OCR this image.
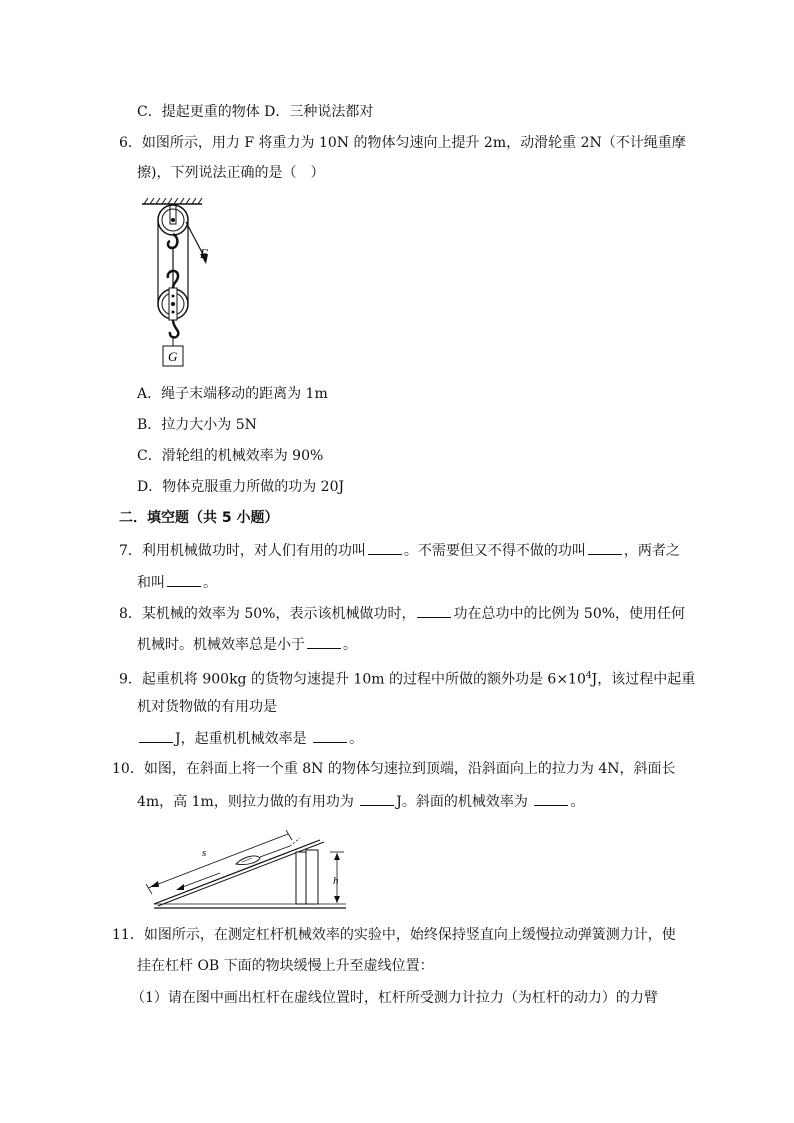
C．提起更重的物体 D．三种说法都对
6．如图所示，用力 F 将重力为 10N 的物体匀速向上提升 2m，动滑轮重 2N（不计绳重摩
擦)，下列说法正确的是（　）
F
G
A．绳子末端移动的距离为 1m
B．拉力大小为 5N
C．滑轮组的机械效率为 90%
D．物体克服重力所做的功为 20J
二．填空题（共 5 小题）
7．利用机械做功时，对人们有用的功叫	。不需要但又不得不做的功叫	，两者之
和叫	。
8．某机械的效率为 50%，表示该机械做功时，	功在总功中的比例为 50%，使用任何
机械时。机械效率总是小于	。
9．起重机将 900kg 的货物匀速提升 10m 的过程中所做的额外功是 $6\times 10^4J$，该过程中起重
机对货物做的有用功是
J，起重机机械效率是	。
10．如图，在斜面上将一个重 8N 的物体匀速拉到顶端，沿斜面向上的拉力为 4N，斜面长
4m，高 1m，则拉力做的有用功为	J。斜面的机械效率为	。
h
s
11．如图所示，在测定杠杆机械效率的实验中，始终保持竖直向上缓慢拉动弹簧测力计，使
挂在杠杆 OB 下面的物块缓慢上升至虚线位置：
（1）请在图中画出杠杆在虚线位置时，杠杆所受测力计拉力（为杠杆的动力）的力臂
